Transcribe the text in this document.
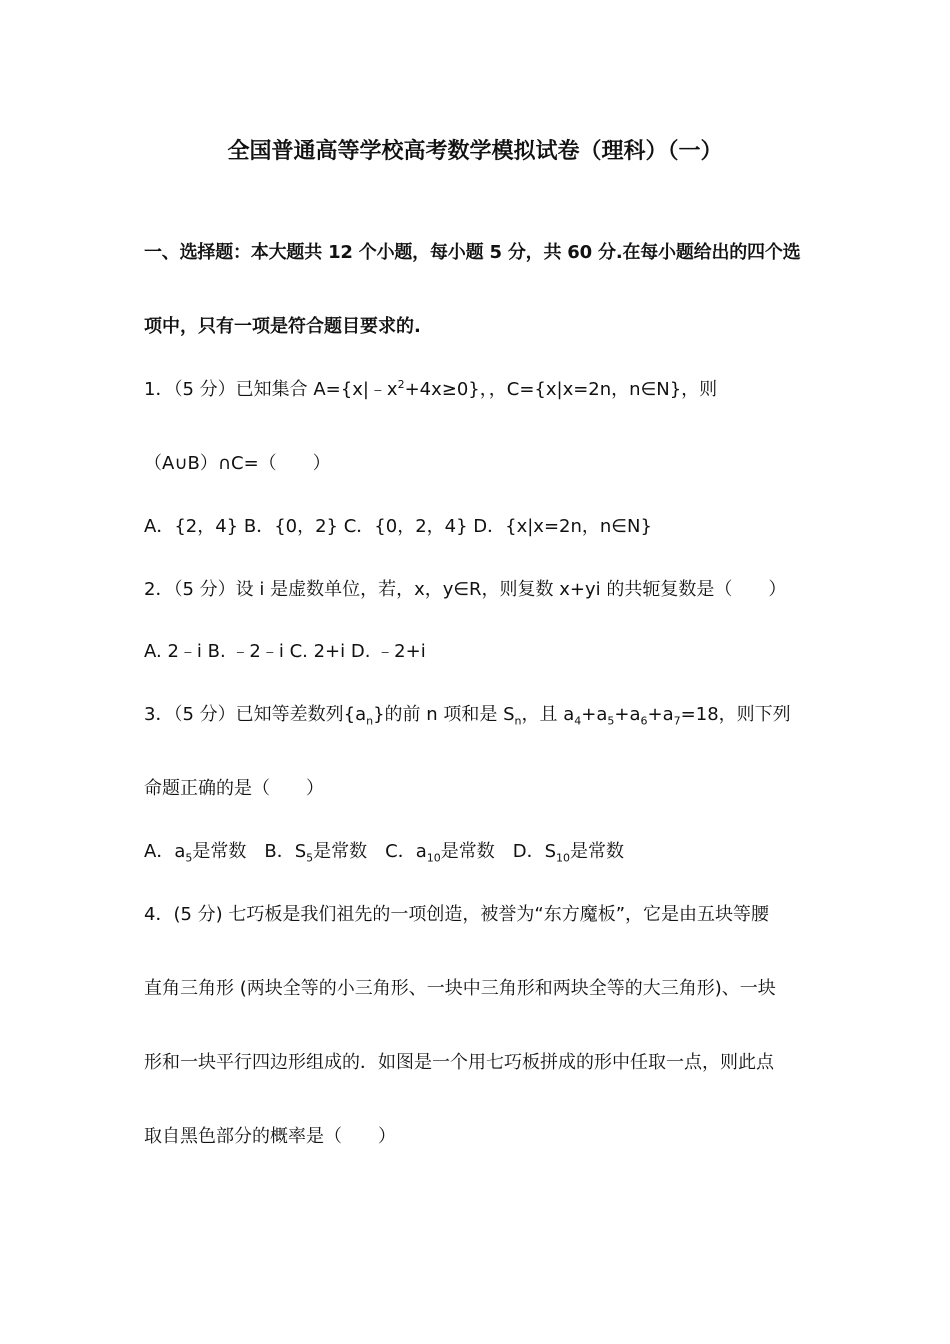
全国普通高等学校高考数学模拟试卷（理科）（一）
一、选择题：本大题共 12 个小题，每小题 5 分，共 60 分.在每小题给出的四个选
项中，只有一项是符合题目要求的.
1．（5 分）已知集合 $A=\{x|﹣x^2+4x\ge 0\}$，，C={x|x=2n，n∈N}，则
（A∪B）∩C=（　　）
A．{2，4} B．{0，2} C．{0，2，4} D．{x|x=2n，n∈N}
2．（5 分）设 i 是虚数单位，若，x，y∈R，则复数 x+yi 的共轭复数是（　　）
A. 2﹣i B. ﹣2﹣i C. 2+i D. ﹣2+i
3．（5 分）已知等差数列$\{a_n\}$的前 n 项和是 $S_n$，且 $a_4+a_5+a_6+a_7=18$，则下列
命题正确的是（　　）
A．$a_5$是常数　B．$S_5$是常数　C．$a_{10}$是常数　D．$S_{10}$是常数
4．(5 分) 七巧板是我们祖先的一项创造，被誉为“东方魔板”，它是由五块等腰
直角三角形 (两块全等的小三角形、一块中三角形和两块全等的大三角形)、一块
形和一块平行四边形组成的．如图是一个用七巧板拼成的形中任取一点，则此点
取自黑色部分的概率是（　　）
